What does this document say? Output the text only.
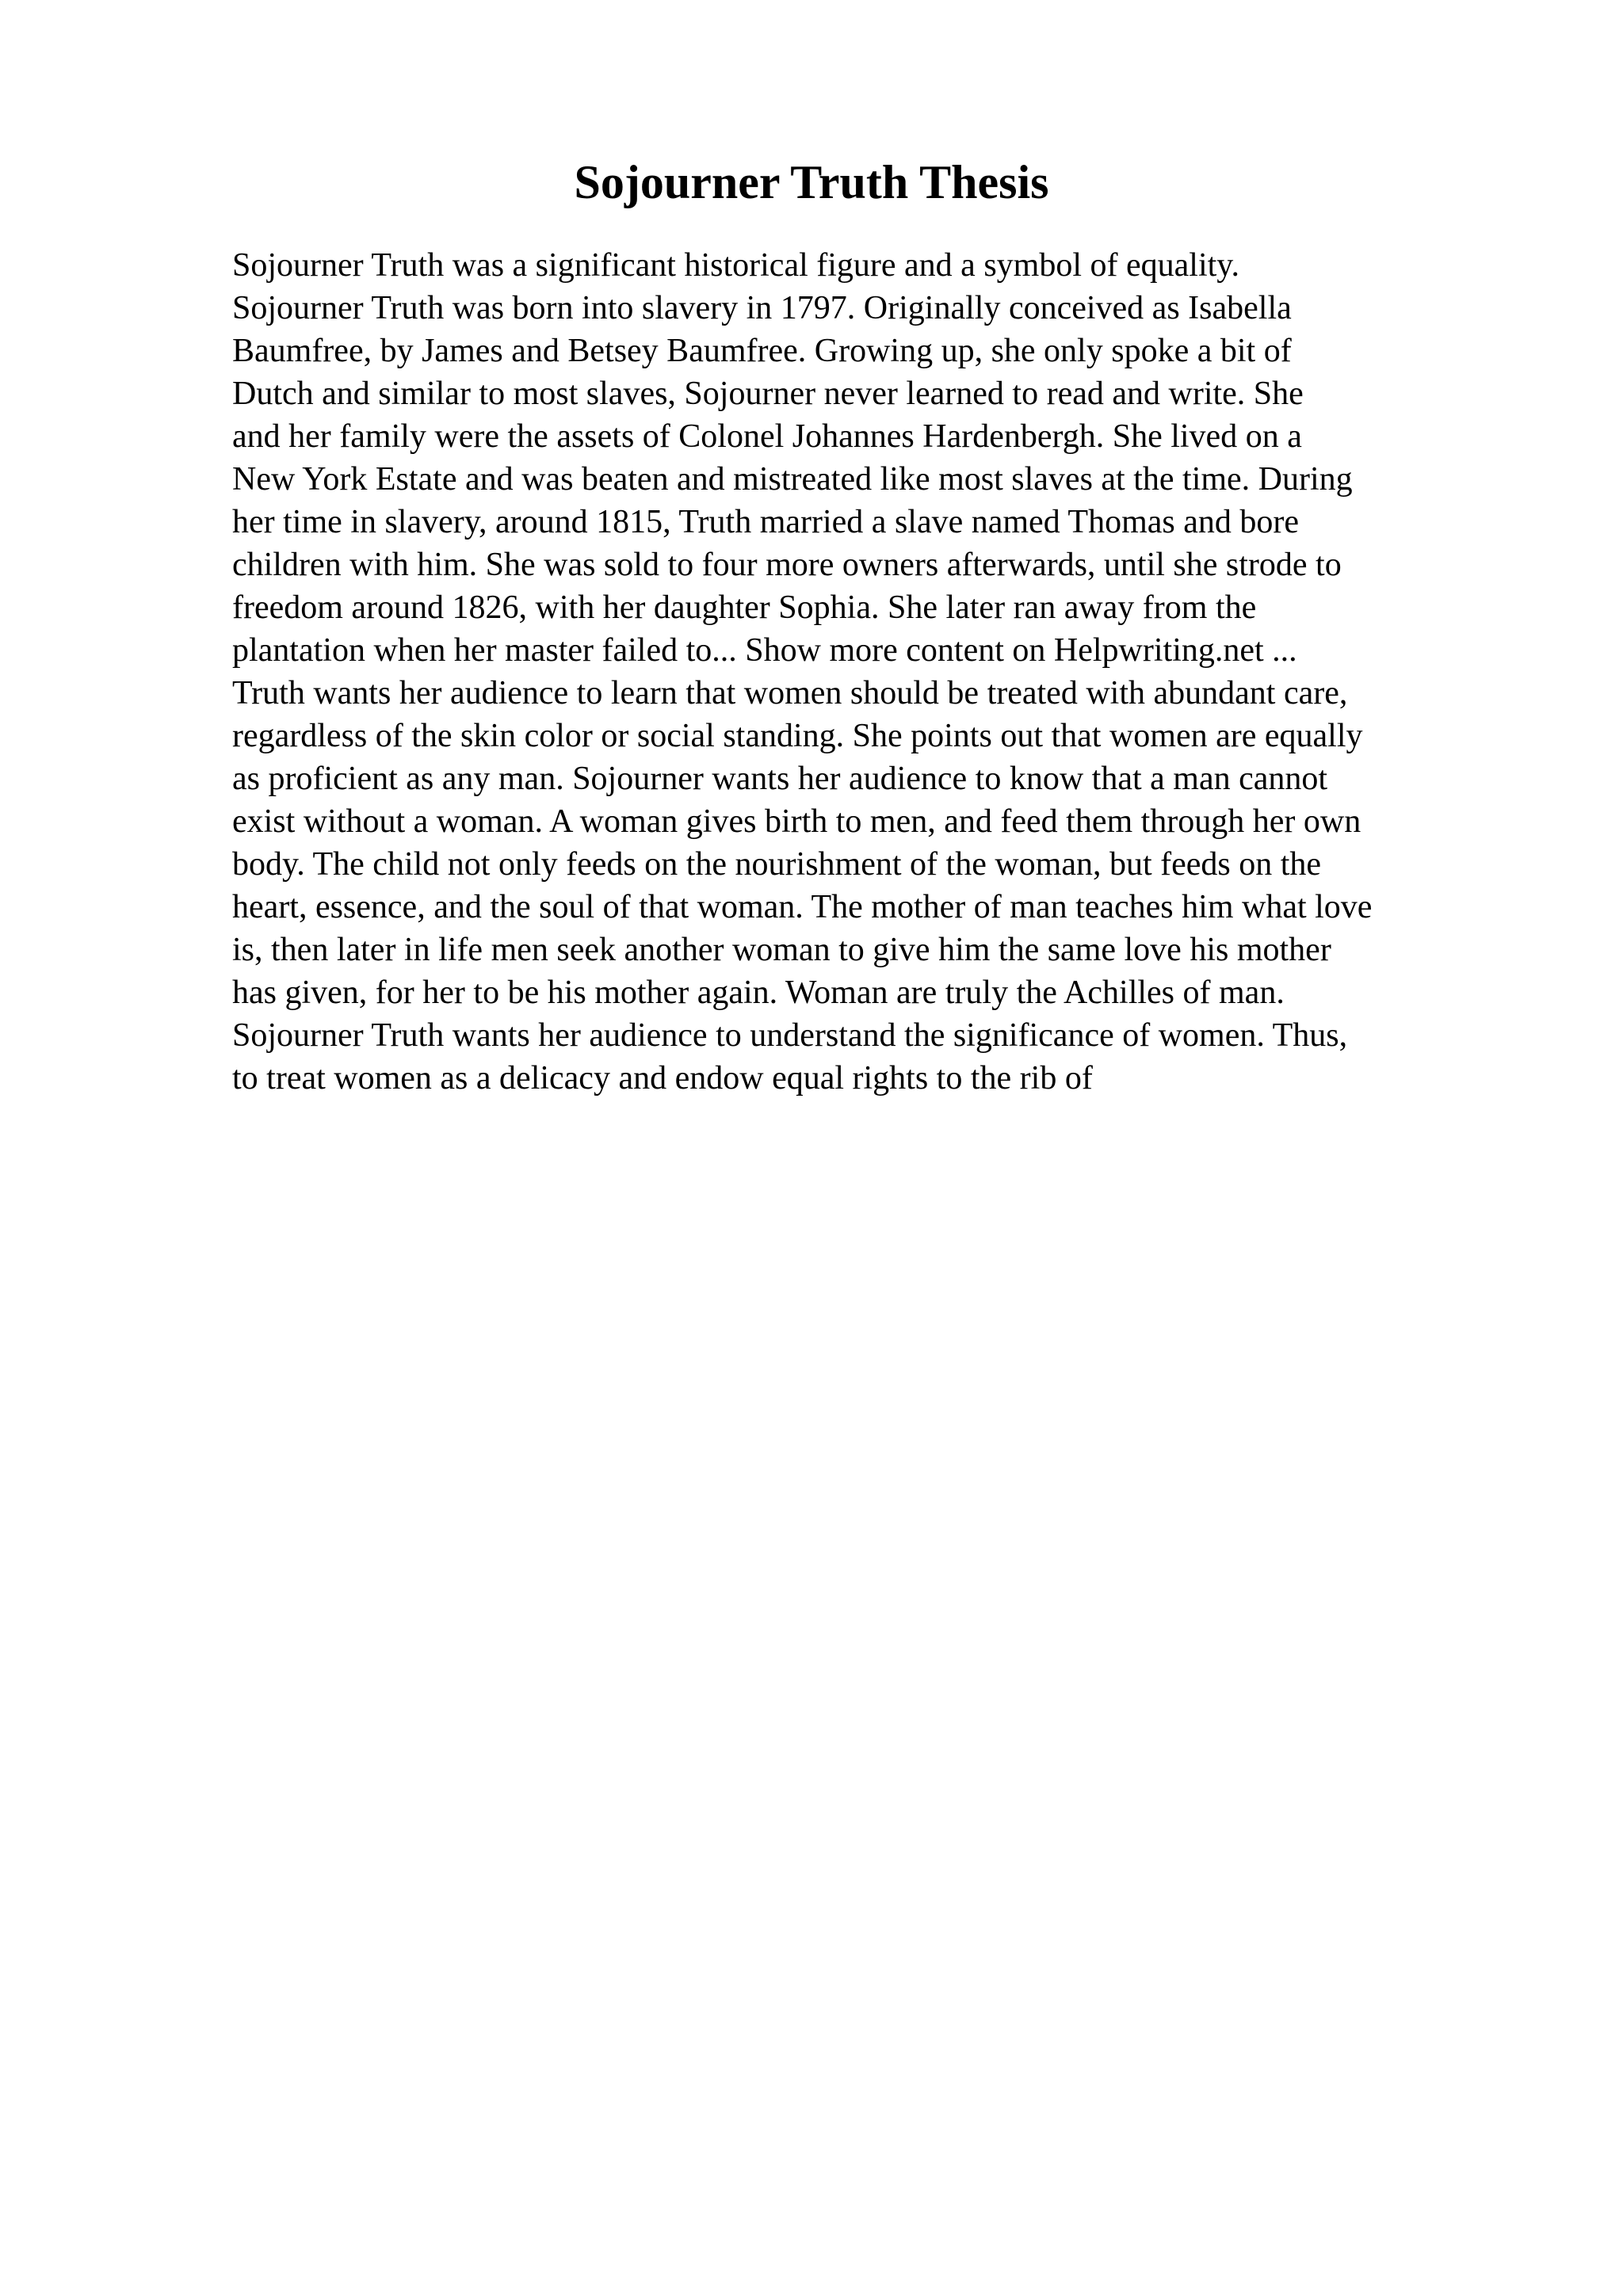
Sojourner Truth Thesis
Sojourner Truth was a significant historical figure and a symbol of equality.
Sojourner Truth was born into slavery in 1797. Originally conceived as Isabella
Baumfree, by James and Betsey Baumfree. Growing up, she only spoke a bit of
Dutch and similar to most slaves, Sojourner never learned to read and write. She
and her family were the assets of Colonel Johannes Hardenbergh. She lived on a
New York Estate and was beaten and mistreated like most slaves at the time. During
her time in slavery, around 1815, Truth married a slave named Thomas and bore
children with him. She was sold to four more owners afterwards, until she strode to
freedom around 1826, with her daughter Sophia. She later ran away from the
plantation when her master failed to... Show more content on Helpwriting.net ...
Truth wants her audience to learn that women should be treated with abundant care,
regardless of the skin color or social standing. She points out that women are equally
as proficient as any man. Sojourner wants her audience to know that a man cannot
exist without a woman. A woman gives birth to men, and feed them through her own
body. The child not only feeds on the nourishment of the woman, but feeds on the
heart, essence, and the soul of that woman. The mother of man teaches him what love
is, then later in life men seek another woman to give him the same love his mother
has given, for her to be his mother again. Woman are truly the Achilles of man.
Sojourner Truth wants her audience to understand the significance of women. Thus,
to treat women as a delicacy and endow equal rights to the rib of
